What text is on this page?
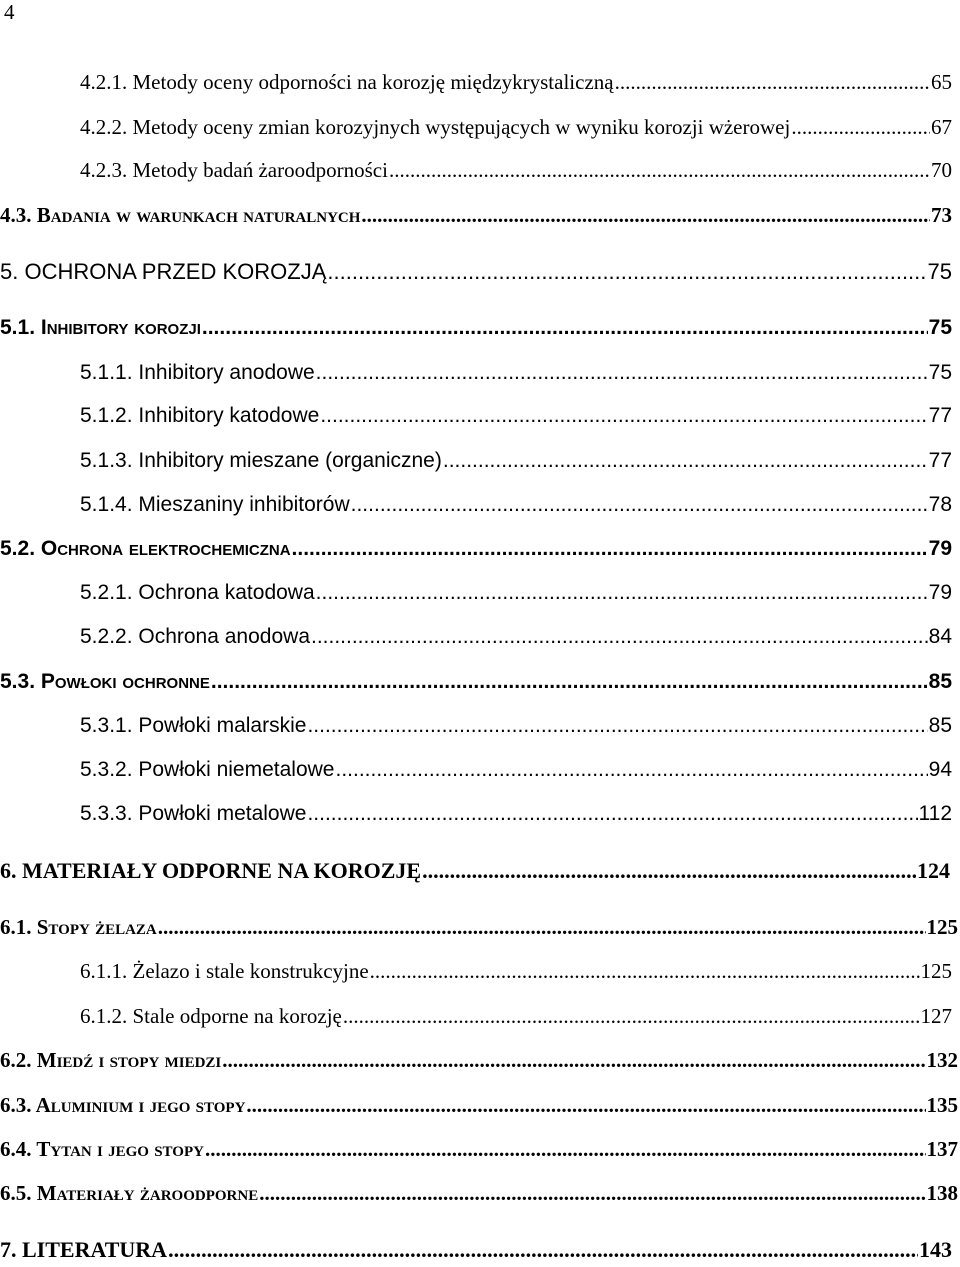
4
4.2.1. Metody oceny odporności na korozję międzykrystaliczną .....	65
4.2.2. Metody oceny zmian korozyjnych występujących w wyniku korozji wżerowej .....	67
4.2.3. Metody badań żaroodporności .....	70
4.3. Badania w warunkach naturalnych .....	73
5. OCHRONA PRZED KOROZJĄ .....	75
5.1. Inhibitory korozji .....	75
5.1.1. Inhibitory anodowe .....	75
5.1.2. Inhibitory katodowe .....	77
5.1.3. Inhibitory mieszane (organiczne) .....	77
5.1.4. Mieszaniny inhibitorów .....	78
5.2. Ochrona elektrochemiczna .....	79
5.2.1. Ochrona katodowa .....	79
5.2.2. Ochrona anodowa .....	84
5.3. Powłoki ochronne .....	85
5.3.1. Powłoki malarskie .....	85
5.3.2. Powłoki niemetalowe .....	94
5.3.3. Powłoki metalowe .....	112
6. MATERIAŁY ODPORNE NA KOROZJĘ .....	124
6.1. Stopy żelaza .....	125
6.1.1. Żelazo i stale konstrukcyjne .....	125
6.1.2. Stale odporne na korozję .....	127
6.2. Miedź i stopy miedzi .....	132
6.3. Aluminium i jego stopy .....	135
6.4. Tytan i jego stopy .....	137
6.5. Materiały żaroodporne .....	138
7. LITERATURA .....	143
